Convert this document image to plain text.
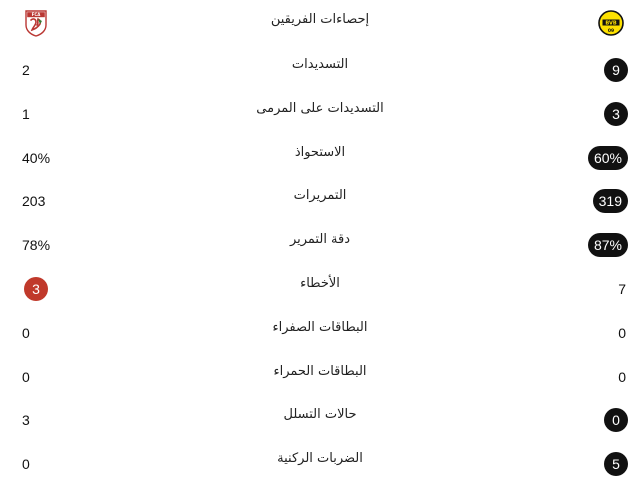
BVB
09
إحصاءات الفريقين
FCA
2	التسديدات	9
1	التسديدات على المرمى	3
40%	الاستحواذ	60%
203	التمريرات	319
78%	دقة التمرير	87%
3	الأخطاء	7
0	البطاقات الصفراء	0
0	البطاقات الحمراء	0
3	حالات التسلل	0
0	الضربات الركنية	5
